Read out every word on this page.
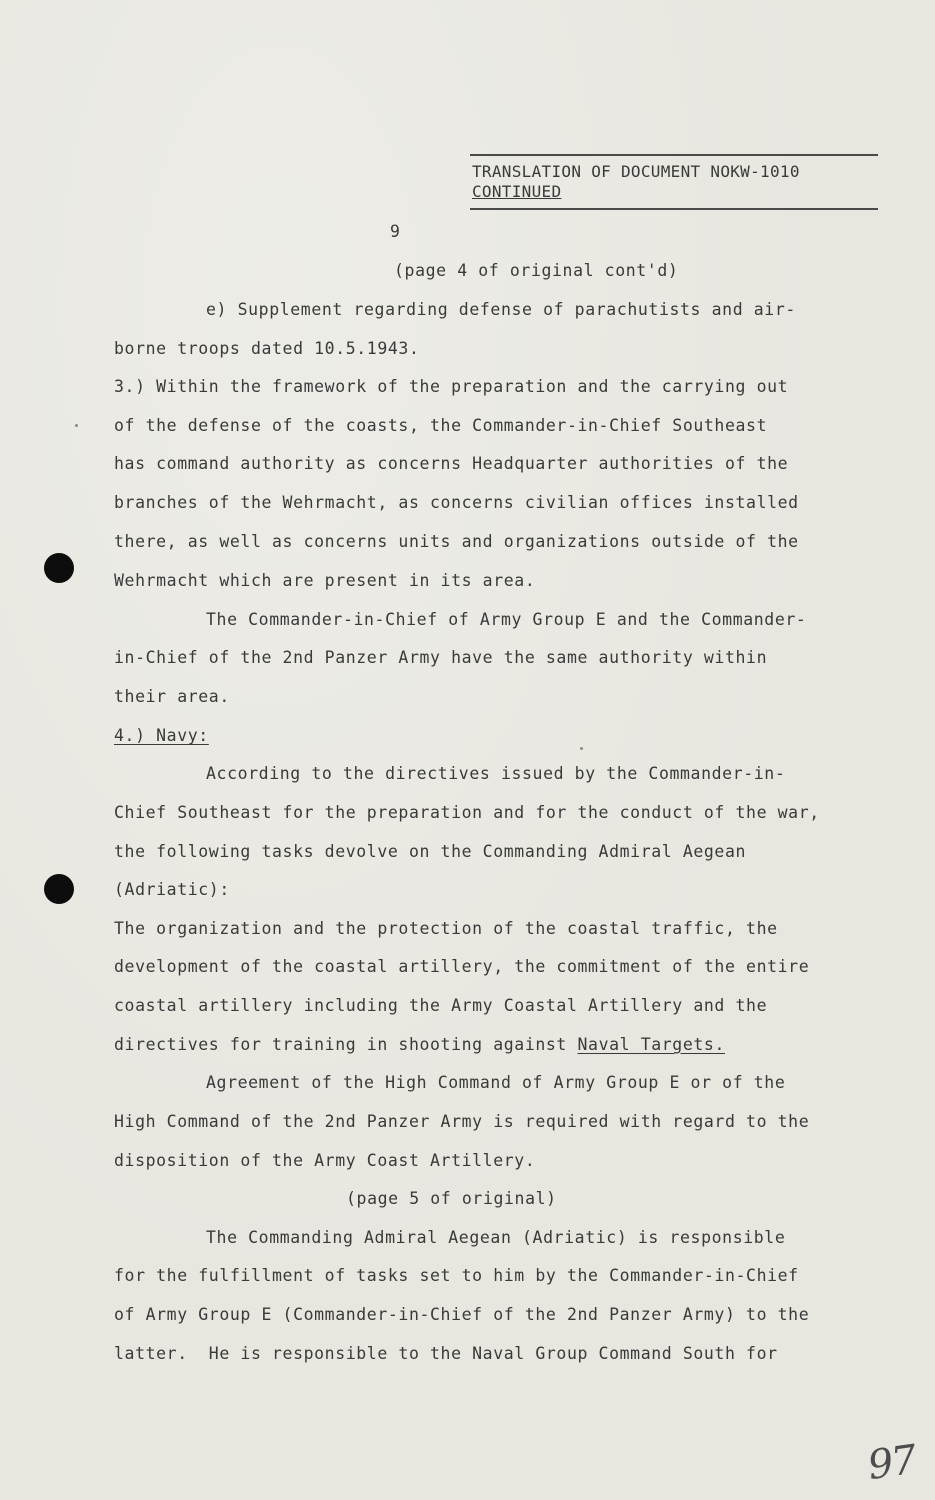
TRANSLATION OF DOCUMENT NOKW-1010
CONTINUED
9
(page 4 of original cont'd)
e) Supplement regarding defense of parachutists and air-
borne troops dated 10.5.1943.
3.) Within the framework of the preparation and the carrying out
of the defense of the coasts, the Commander-in-Chief Southeast
has command authority as concerns Headquarter authorities of the
branches of the Wehrmacht, as concerns civilian offices installed
there, as well as concerns units and organizations outside of the
Wehrmacht which are present in its area.
The Commander-in-Chief of Army Group E and the Commander-
in-Chief of the 2nd Panzer Army have the same authority within
their area.
4.) Navy:
According to the directives issued by the Commander-in-
Chief Southeast for the preparation and for the conduct of the war,
the following tasks devolve on the Commanding Admiral Aegean
(Adriatic):
The organization and the protection of the coastal traffic, the
development of the coastal artillery, the commitment of the entire
coastal artillery including the Army Coastal Artillery and the
directives for training in shooting against Naval Targets.
Agreement of the High Command of Army Group E or of the
High Command of the 2nd Panzer Army is required with regard to the
disposition of the Army Coast Artillery.
(page 5 of original)
The Commanding Admiral Aegean (Adriatic) is responsible
for the fulfillment of tasks set to him by the Commander-in-Chief
of Army Group E (Commander-in-Chief of the 2nd Panzer Army) to the
latter.  He is responsible to the Naval Group Command South for
97
